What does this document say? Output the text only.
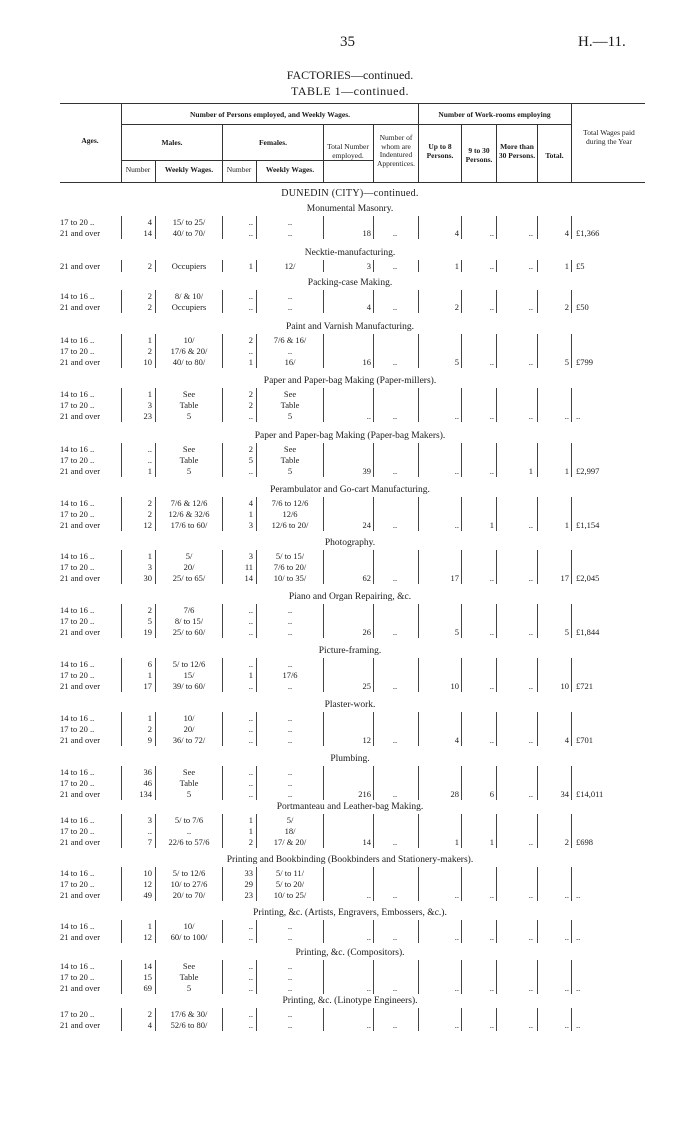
35	H.—11.
FACTORIES—continued.
TABLE 1—continued.
Ages.
Number of Persons employed, and Weekly Wages.	Number of Work-rooms employing
Males.	Females.
Number	Weekly Wages.	Number	Weekly Wages.
Total Number employed.
Number of whom are Indentured Apprentices.
Up to 8 Persons.	9 to 30 Persons.
More than 30 Persons.	Total.
Total Wages paid during the Year
DUNEDIN (CITY)—continued.
Monumental Masonry.
17 to 20 ..	4	15/ to 25/	..	..
21 and over	14	40/ to 70/	..	..	18	..	4	..	..	4 £1,366
Necktie-manufacturing.
21 and over	2	Occupiers	1	12/	3	..	1	..	..	1 £5
Packing-case Making.
14 to 16 ..	2	8/ & 10/	..	..
21 and over	2	Occupiers	..	..	4	..	2	..	..	2 £50
Paint and Varnish Manufacturing.
14 to 16 ..	1	10/	2	7/6 & 16/
17 to 20 ..	2	17/6 & 20/	..	..
21 and over	10	40/ to 80/	1	16/	16	..	5	..	..	5 £799
Paper and Paper-bag Making (Paper-millers).
14 to 16 ..	1	See	2	See
17 to 20 ..	3	Table	2	Table
21 and over	23	5	..	5	..	..	..	..	..	.. ..
Paper and Paper-bag Making (Paper-bag Makers).
14 to 16 ..	..	See	2	See
17 to 20 ..	..	Table	5	Table
21 and over	1	5	..	5	39	..	..	..	1	1 £2,997
Perambulator and Go-cart Manufacturing.
14 to 16 ..	2	7/6 & 12/6	4	7/6 to 12/6
17 to 20 ..	2	12/6 & 32/6	1	12/6
21 and over	12	17/6 to 60/	3	12/6 to 20/	24	..	..	1	..	1 £1,154
Photography.
14 to 16 ..	1	5/	3	5/ to 15/
17 to 20 ..	3	20/	11	7/6 to 20/
21 and over	30	25/ to 65/	14	10/ to 35/	62	..	17	..	..	17 £2,045
Piano and Organ Repairing, &c.
14 to 16 ..	2	7/6	..	..
17 to 20 ..	5	8/ to 15/	..	..
21 and over	19	25/ to 60/	..	..	26	..	5	..	..	5 £1,844
Picture-framing.
14 to 16 ..	6	5/ to 12/6	..	..
17 to 20 ..	1	15/	1	17/6
21 and over	17	39/ to 60/	..	..	25	..	10	..	..	10 £721
Plaster-work.
14 to 16 ..	1	10/	..	..
17 to 20 ..	2	20/	..	..
21 and over	9	36/ to 72/	..	..	12	..	4	..	..	4 £701
Plumbing.
14 to 16 ..	36	See	..	..
17 to 20 ..	46	Table	..	..
21 and over	134	5	..	..	216	..	28	6	..	34 £14,011
Portmanteau and Leather-bag Making.
14 to 16 ..	3	5/ to 7/6	1	5/
17 to 20 ..	..	..	1	18/
21 and over	7	22/6 to 57/6	2	17/ & 20/	14	..	1	1	..	2 £698
Printing and Bookbinding (Bookbinders and Stationery-makers).
14 to 16 ..	10	5/ to 12/6	33	5/ to 11/
17 to 20 ..	12	10/ to 27/6	29	5/ to 20/
21 and over	49	20/ to 70/	23	10/ to 25/	..	..	..	..	..	.. ..
Printing, &c. (Artists, Engravers, Embossers, &c.).
14 to 16 ..	1	10/	..	..
21 and over	12	60/ to 100/	..	..	..	..	..	..	..	.. ..
Printing, &c. (Compositors).
14 to 16 ..	14	See	..	..
17 to 20 ..	15	Table	..	..
21 and over	69	5	..	..	..	..	..	..	..	.. ..
Printing, &c. (Linotype Engineers).
17 to 20 ..	2	17/6 & 30/	..	..
21 and over	4	52/6 to 80/	..	..	..	..	..	..	..	.. ..
